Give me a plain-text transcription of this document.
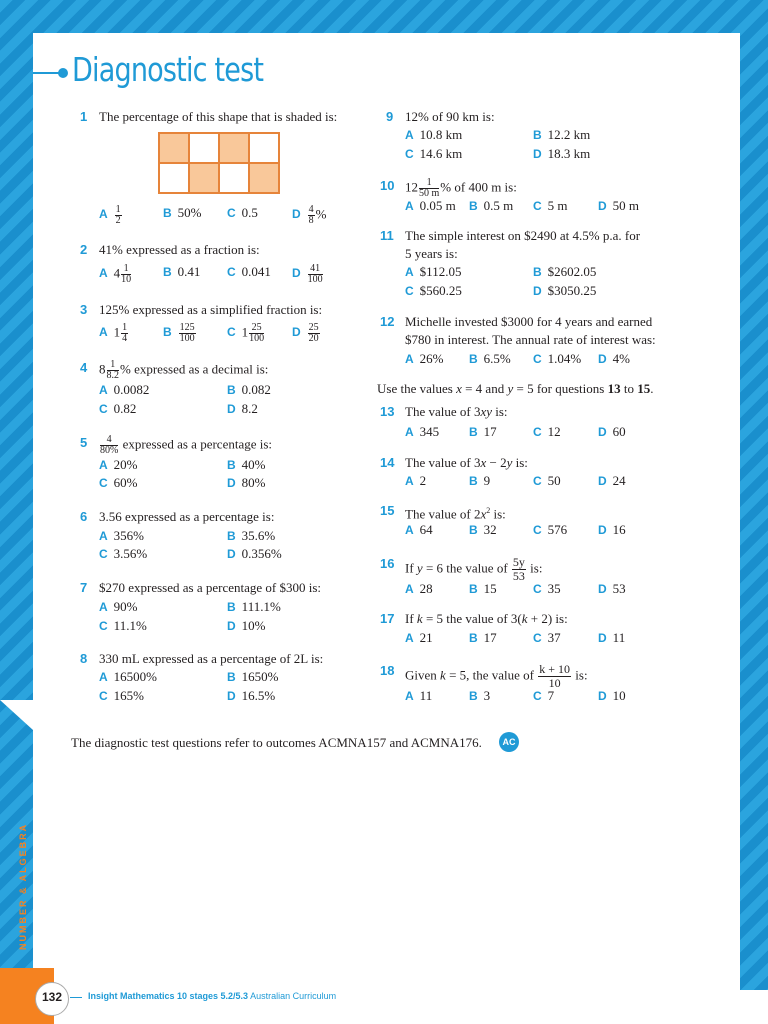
Diagnostic test
1 The percentage of this shape that is shaded is:
A $\frac{1}{2}$	B 50% C 0.5	D $\frac{4}{8}$ %
2 41% expressed as a fraction is:
A $4 \frac{1}{10}$	B 0.41 C 0.041 D $\frac{41}{100}$
3 125% expressed as a simplified fraction is:
A $1 \frac{1}{4}$	B $\frac{125}{100}$	C $1 \frac{25}{100}$ D $\frac{25}{20}$
4 $8 \frac{1}{8.2}$ % expressed as a decimal is:
A 0.0082	B 0.082
C 0.82	D 8.2
$5 \frac{4}{80\%}$ expressed as a percentage is:
A 20%	B 40%
C 60%	D 80%
6 3.56 expressed as a percentage is:
A 356%	B 35.6%
C 3.56%	D 0.356%
7 $270 expressed as a percentage of $300 is:
A 90%	B 111.1%
C 11.1%	D 10%
8 330 mL expressed as a percentage of 2L is:
A 16500%	B 1650%
C 165%	D 16.5%
9 12% of 90 km is:
A 10.8 km	B 12.2 km
C 14.6 km	D 18.3 km
10 $12 \frac{1}{50 m}$ % of 400 m is:
A 0.05 m B 0.5 m C 5 m	D 50 m
11 The simple interest on $2490 at 4.5% p.a. for
5 years is:
A $112.05	B $2602.05
C $560.25	D $3050.25
12 Michelle invested $3000 for 4 years and earned
$780 in interest. The annual rate of interest was:
A 26% B 6.5% C 1.04% D 4%
Use the values x = 4 and y = 5 for questions 13 to 15.
13 The value of 3xy is:
A 345 B 17	C 12	D 60
14 The value of 3x − 2y is:
A 2	B 9	C 50	D 24
15 The value of $2x^2$ is:
A 64	B 32	C 576	D 16
16 If y = 6 the value of $\frac{5y}{53}$ is:
A 28	B 15	C 35	D 53
17 If k = 5 the value of 3(k + 2) is:
A 21	B 17	C 37	D 11
18 Given k = 5, the value of $\frac{k + 10}{10}$ is:
A 11	B 3	C 7	D 10
The diagnostic test questions refer to outcomes ACMNA157 and ACMNA176.	AC
NUMBER & ALGEBRA
132	Insight Mathematics 10 stages 5.2/5.3 Australian Curriculum
